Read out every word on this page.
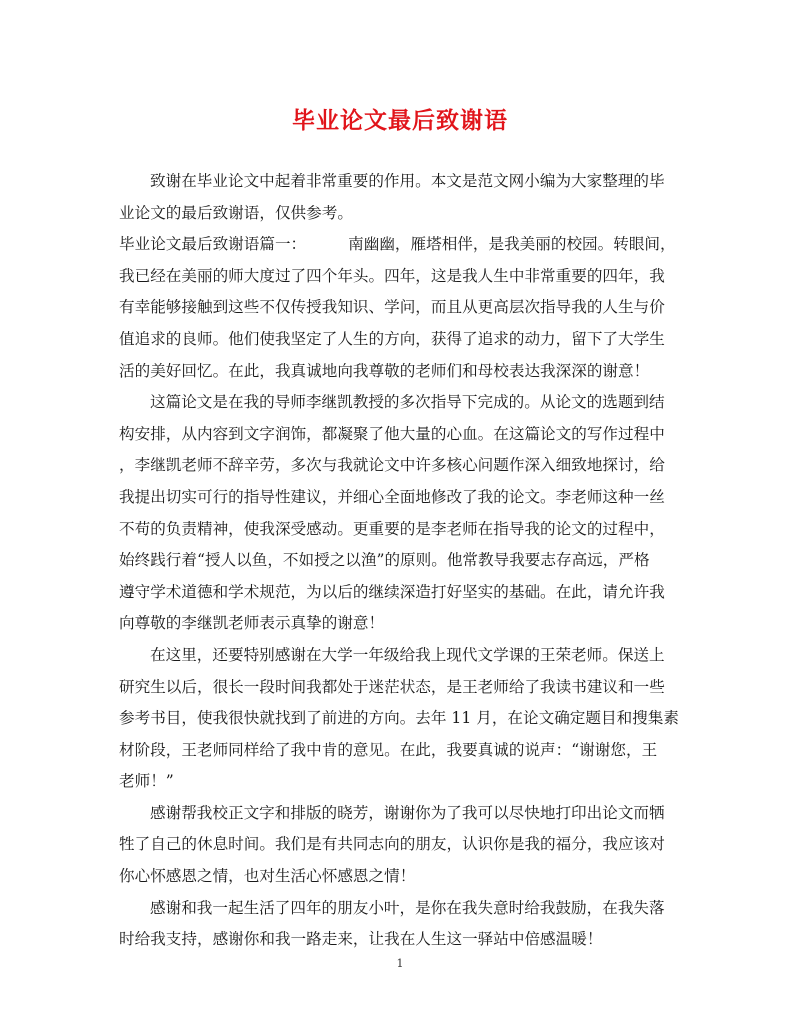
毕业论文最后致谢语
致谢在毕业论文中起着非常重要的作用。本文是范文网小编为大家整理的毕
业论文的最后致谢语，仅供参考。
毕业论文最后致谢语篇一：	南幽幽，雁塔相伴，是我美丽的校园。转眼间，
我已经在美丽的师大度过了四个年头。四年，这是我人生中非常重要的四年，我
有幸能够接触到这些不仅传授我知识、学问，而且从更高层次指导我的人生与价
值追求的良师。他们使我坚定了人生的方向，获得了追求的动力，留下了大学生
活的美好回忆。在此，我真诚地向我尊敬的老师们和母校表达我深深的谢意！
这篇论文是在我的导师李继凯教授的多次指导下完成的。从论文的选题到结
构安排，从内容到文字润饰，都凝聚了他大量的心血。在这篇论文的写作过程中
，李继凯老师不辞辛劳，多次与我就论文中许多核心问题作深入细致地探讨，给
我提出切实可行的指导性建议，并细心全面地修改了我的论文。李老师这种一丝
不苟的负责精神，使我深受感动。更重要的是李老师在指导我的论文的过程中，
始终践行着“授人以鱼，不如授之以渔”的原则。他常教导我要志存高远，严格
遵守学术道德和学术规范，为以后的继续深造打好坚实的基础。在此，请允许我
向尊敬的李继凯老师表示真挚的谢意！
在这里，还要特别感谢在大学一年级给我上现代文学课的王荣老师。保送上
研究生以后，很长一段时间我都处于迷茫状态，是王老师给了我读书建议和一些
参考书目，使我很快就找到了前进的方向。去年 11 月，在论文确定题目和搜集素
材阶段，王老师同样给了我中肯的意见。在此，我要真诚的说声：“谢谢您，王
老师！”
感谢帮我校正文字和排版的晓芳，谢谢你为了我可以尽快地打印出论文而牺
牲了自己的休息时间。我们是有共同志向的朋友，认识你是我的福分，我应该对
你心怀感恩之情，也对生活心怀感恩之情！
感谢和我一起生活了四年的朋友小叶，是你在我失意时给我鼓励，在我失落
时给我支持，感谢你和我一路走来，让我在人生这一驿站中倍感温暖！
1
